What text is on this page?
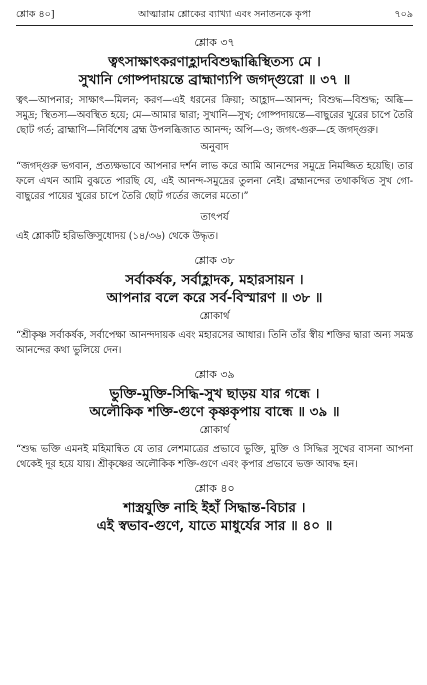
শ্লোক ৪০]	আত্মারাম শ্লোকের ব্যাখ্যা এবং সনাতনকে কৃপা	৭০৯
শ্লোক ৩৭
ত্বৎসাক্ষাৎকরণাহ্লাদবিশুদ্ধাব্ধিস্থিতস্য মে ।
সুখানি গোষ্পদায়ন্তে ব্রাহ্মাণ্যপি জগদ্গুরো ॥ ৩৭ ॥
ত্বৎ—আপনার; সাক্ষাৎ—মিলন; করণ—এই ধরনের ক্রিয়া; আহ্লাদ—আনন্দ; বিশুদ্ধ—বিশুদ্ধ; অব্ধি—সমুদ্র; স্থিতস্য—অবস্থিত হয়ে; মে—আমার দ্বারা; সুখানি—সুখ; গোষ্পদায়ন্তে—বাছুরের খুরের চাপে তৈরি ছোট গর্ত; ব্রাহ্মাণি—নির্বিশেষ ব্রহ্ম উপলব্ধিজাত আনন্দ; অপি—ও; জগৎ-গুরু—হে জগদ্গুরু।
অনুবাদ
“জগদ্গুরু ভগবান, প্রত্যক্ষভাবে আপনার দর্শন লাভ করে আমি আনন্দের সমুদ্রে নিমজ্জিত হয়েছি। তার ফলে এখন আমি বুঝতে পারছি যে, এই আনন্দ-সমুদ্রের তুলনা নেই। ব্রহ্মানন্দের তথাকথিত সুখ গো-বাছুরের পায়ের খুরের চাপে তৈরি ছোট গর্তের জলের মতো।”
তাৎপর্য
এই শ্লোকটি হরিভক্তিসুধোদয় (১৪/৩৬) থেকে উদ্ধৃত।
শ্লোক ৩৮
সর্বাকর্ষক, সর্বাহ্লাদক, মহারসায়ন ।
আপনার বলে করে সর্ব-বিস্মারণ ॥ ৩৮ ॥
শ্লোকার্থ
“শ্রীকৃষ্ণ সর্বাকর্ষক, সর্বাপেক্ষা আনন্দদায়ক এবং মহারসের আধার। তিনি তাঁর স্বীয় শক্তির দ্বারা অন্য সমস্ত আনন্দের কথা ভুলিয়ে দেন।
শ্লোক ৩৯
ভুক্তি-মুক্তি-সিদ্ধি-সুখ ছাড়য় যার গন্ধে ।
অলৌকিক শক্তি-গুণে কৃষ্ণকৃপায় বান্ধে ॥ ৩৯ ॥
শ্লোকার্থ
“শুদ্ধ ভক্তি এমনই মহিমান্বিত যে তার লেশমাত্রের প্রভাবে ভুক্তি, মুক্তি ও সিদ্ধির সুখের বাসনা আপনা থেকেই দূর হয়ে যায়। শ্রীকৃষ্ণের অলৌকিক শক্তি-গুণে এবং কৃপার প্রভাবে ভক্ত আবদ্ধ হন।
শ্লোক ৪০
শাস্ত্রযুক্তি নাহি ইহাঁ সিদ্ধান্ত-বিচার ।
এই স্বভাব-গুণে, যাতে মাধুর্যের সার ॥ ৪০ ॥
